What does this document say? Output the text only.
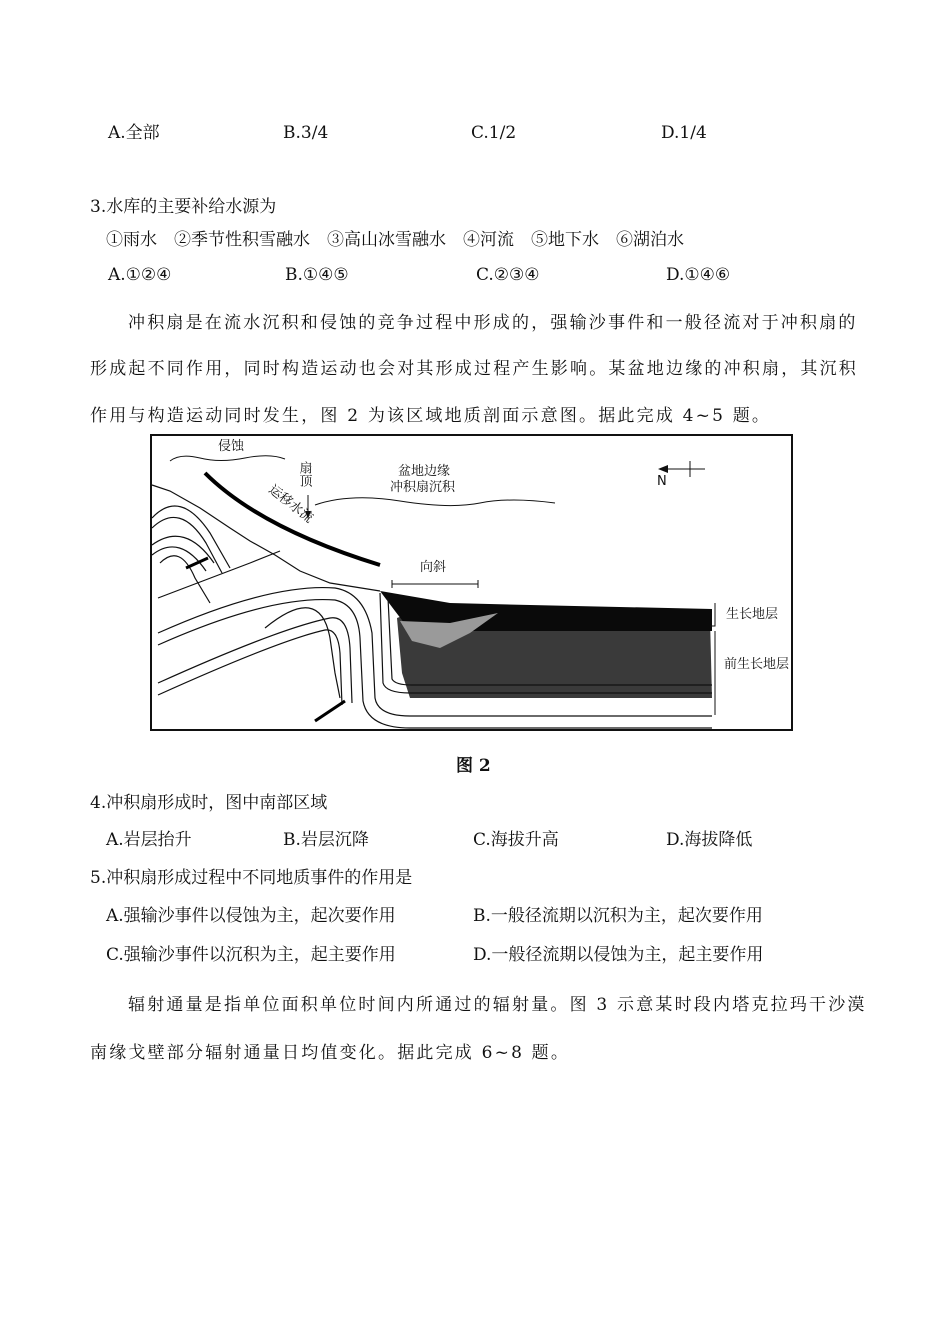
A.全部	B.3/4	C.1/2	D.1/4
3.水库的主要补给水源为
①雨水　②季节性积雪融水　③高山冰雪融水　④河流　⑤地下水　⑥湖泊水
A.①②④	B.①④⑤	C.②③④	D.①④⑥
冲积扇是在流水沉积和侵蚀的竞争过程中形成的，强输沙事件和一般径流对于冲积扇的
形成起不同作用，同时构造运动也会对其形成过程产生影响。某盆地边缘的冲积扇，其沉积
作用与构造运动同时发生，图 2 为该区域地质剖面示意图。据此完成 4~5 题。
侵蚀
扇顶	盆地边缘
冲积扇沉积
运移水流
向斜
N
生长地层
前生长地层
图 2
4.冲积扇形成时，图中南部区域
A.岩层抬升	B.岩层沉降	C.海拔升高	D.海拔降低
5.冲积扇形成过程中不同地质事件的作用是
A.强输沙事件以侵蚀为主，起次要作用	B.一般径流期以沉积为主，起次要作用
C.强输沙事件以沉积为主，起主要作用	D.一般径流期以侵蚀为主，起主要作用
辐射通量是指单位面积单位时间内所通过的辐射量。图 3 示意某时段内塔克拉玛干沙漠
南缘戈壁部分辐射通量日均值变化。据此完成 6~8 题。
